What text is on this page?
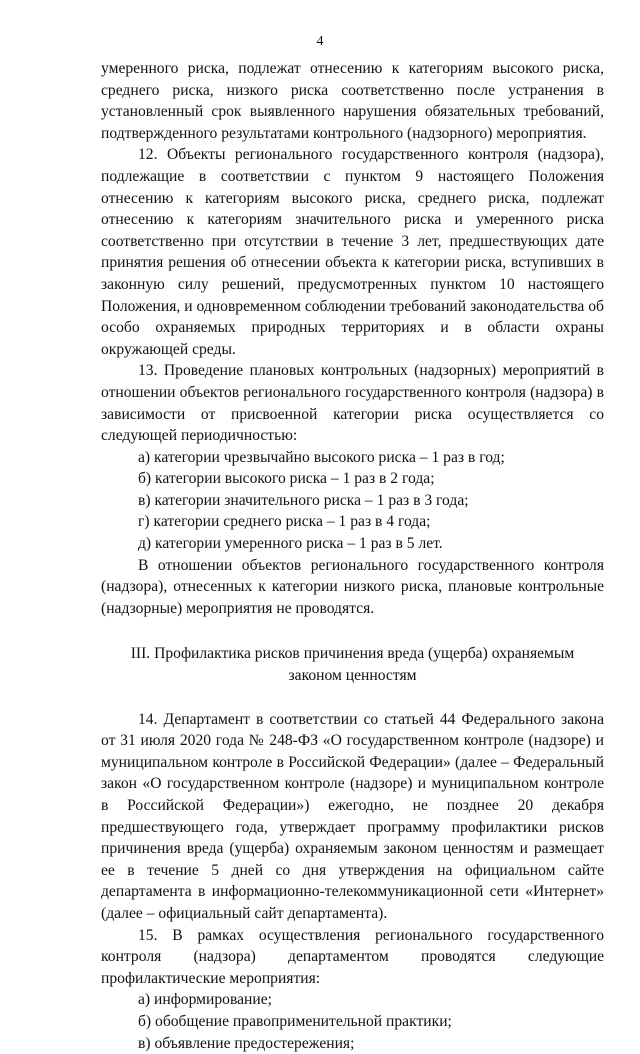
4

умеренного риска, подлежат отнесению к категориям высокого риска, среднего риска, низкого риска соответственно после устранения в установленный срок выявленного нарушения обязательных требований, подтвержденного результатами контрольного (надзорного) мероприятия.

12. Объекты регионального государственного контроля (надзора), подлежащие в соответствии с пунктом 9 настоящего Положения отнесению к категориям высокого риска, среднего риска, подлежат отнесению к категориям значительного риска и умеренного риска соответственно при отсутствии в течение 3 лет, предшествующих дате принятия решения об отнесении объекта к категории риска, вступивших в законную силу решений, предусмотренных пунктом 10 настоящего Положения, и одновременном соблюдении требований законодательства об особо охраняемых природных территориях и в области охраны окружающей среды.

13. Проведение плановых контрольных (надзорных) мероприятий в отношении объектов регионального государственного контроля (надзора) в зависимости от присвоенной категории риска осуществляется со следующей периодичностью:

а) категории чрезвычайно высокого риска – 1 раз в год;

б) категории высокого риска – 1 раз в 2 года;

в) категории значительного риска – 1 раз в 3 года;

г) категории среднего риска – 1 раз в 4 года;

д) категории умеренного риска – 1 раз в 5 лет.

В отношении объектов регионального государственного контроля (надзора), отнесенных к категории низкого риска, плановые контрольные (надзорные) мероприятия не проводятся.

III. Профилактика рисков причинения вреда (ущерба) охраняемым
законом ценностям

14. Департамент в соответствии со статьей 44 Федерального закона от 31 июля 2020 года № 248-ФЗ «О государственном контроле (надзоре) и муниципальном контроле в Российской Федерации» (далее – Федеральный закон «О государственном контроле (надзоре) и муниципальном контроле в Российской Федерации») ежегодно, не позднее 20 декабря предшествующего года, утверждает программу профилактики рисков причинения вреда (ущерба) охраняемым законом ценностям и размещает ее в течение 5 дней со дня утверждения на официальном сайте департамента в информационно-телекоммуникационной сети «Интернет» (далее – официальный сайт департамента).

15. В рамках осуществления регионального государственного контроля (надзора) департаментом проводятся следующие профилактические мероприятия:

а) информирование;

б) обобщение правоприменительной практики;

в) объявление предостережения;
